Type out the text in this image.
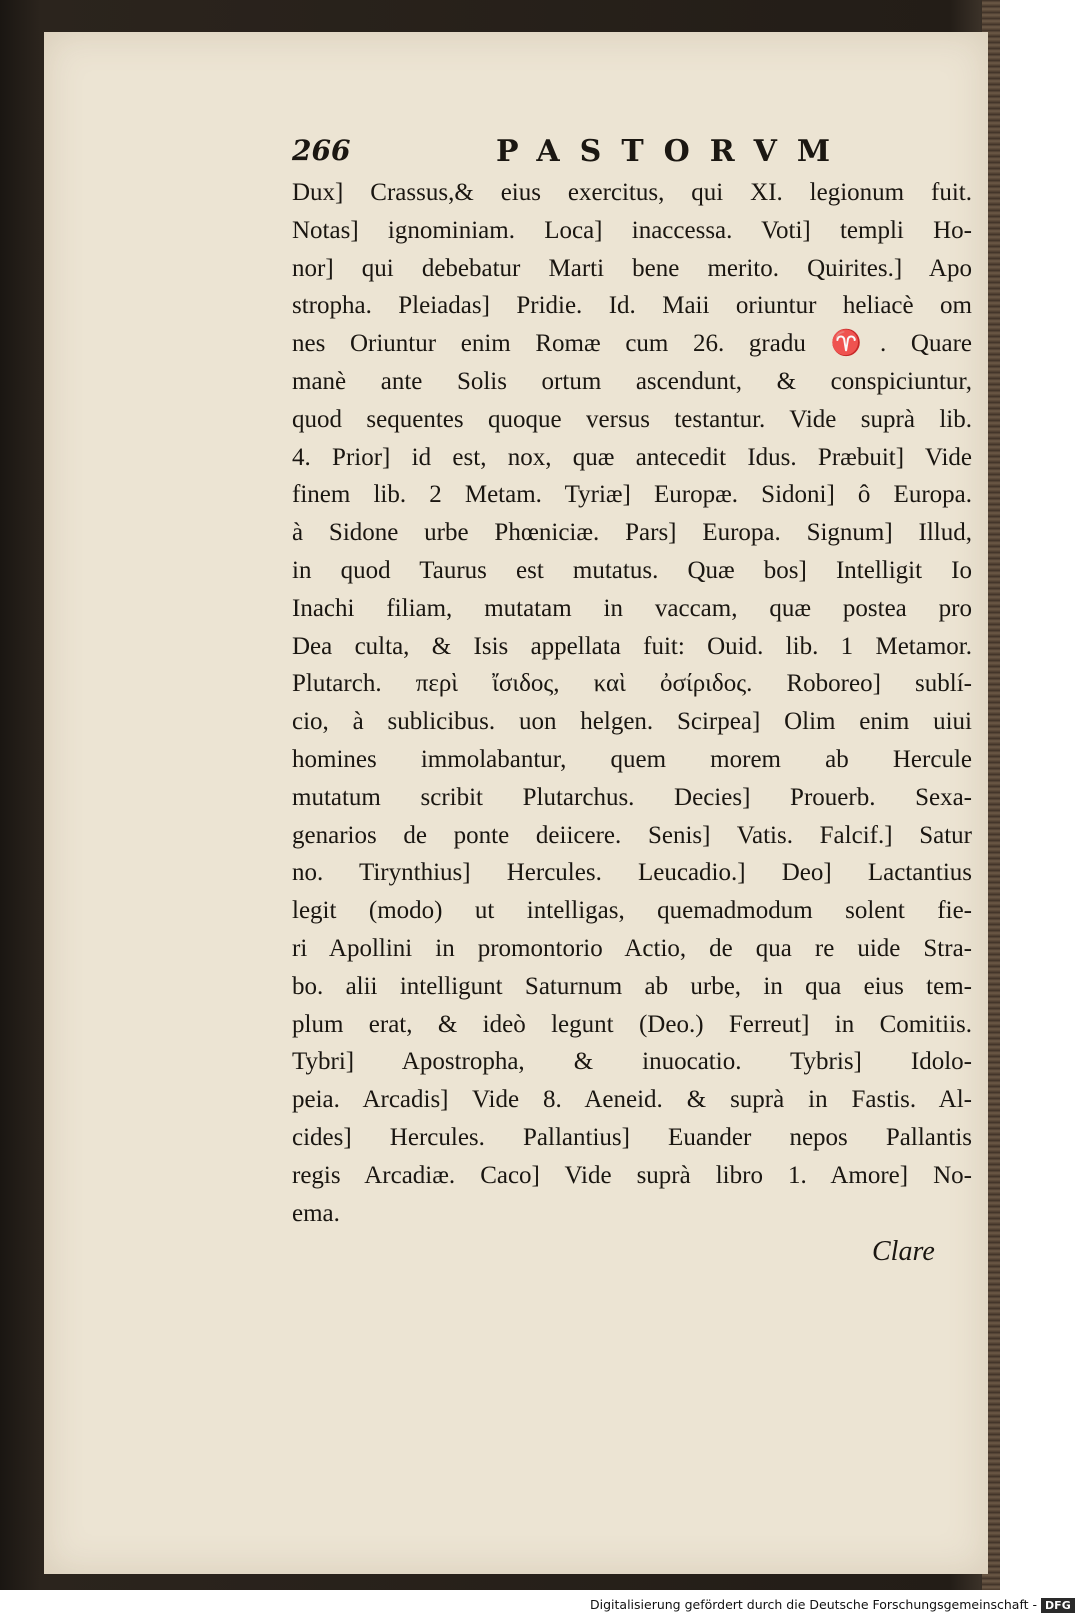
266	PASTORVM
Dux] Crassus,& eius exercitus, qui XI. legionum fuit.
Notas] ignominiam. Loca] inaccessa. Voti] templi Ho-
nor] qui debebatur Marti bene merito. Quirites.] Apo
stropha. Pleiadas] Pridie. Id. Maii oriuntur heliacè om
nes Oriuntur enim Romæ cum 26. gradu ♈. Quare
manè ante Solis ortum ascendunt, & conspiciuntur,
quod sequentes quoque versus testantur. Vide suprà lib.
4. Prior] id est, nox, quæ antecedit Idus. Præbuit] Vide
finem lib. 2 Metam. Tyriæ] Europæ. Sidoni] ô Europa.
à Sidone urbe Phœniciæ. Pars] Europa. Signum] Illud,
in quod Taurus est mutatus. Quæ bos] Intelligit Io
Inachi filiam, mutatam in vaccam, quæ postea pro
Dea culta, & Isis appellata fuit: Ouid. lib. 1 Metamor.
Plutarch. περὶ ἴσιδος, καὶ ὀσίριδος. Roboreo] sublí-
cio, à sublicibus. uon helgen. Scirpea] Olim enim uiui
homines immolabantur, quem morem ab Hercule
mutatum scribit Plutarchus. Decies] Prouerb. Sexa-
genarios de ponte deiicere. Senis] Vatis. Falcif.] Satur
no. Tirynthius] Hercules. Leucadio.] Deo] Lactantius
legit (modo) ut intelligas, quemadmodum solent fie-
ri Apollini in promontorio Actio, de qua re uide Stra-
bo. alii intelligunt Saturnum ab urbe, in qua eius tem-
plum erat, & ideò legunt (Deo.) Ferreut] in Comitiis.
Tybri] Apostropha, & inuocatio. Tybris] Idolo-
peia. Arcadis] Vide 8. Aeneid. & suprà in Fastis. Al-
cides] Hercules. Pallantius] Euander nepos Pallantis
regis Arcadiæ. Caco] Vide suprà libro 1. Amore] No-
ema.
Clare
Digitalisierung gefördert durch die Deutsche Forschungsgemeinschaft - DFG
